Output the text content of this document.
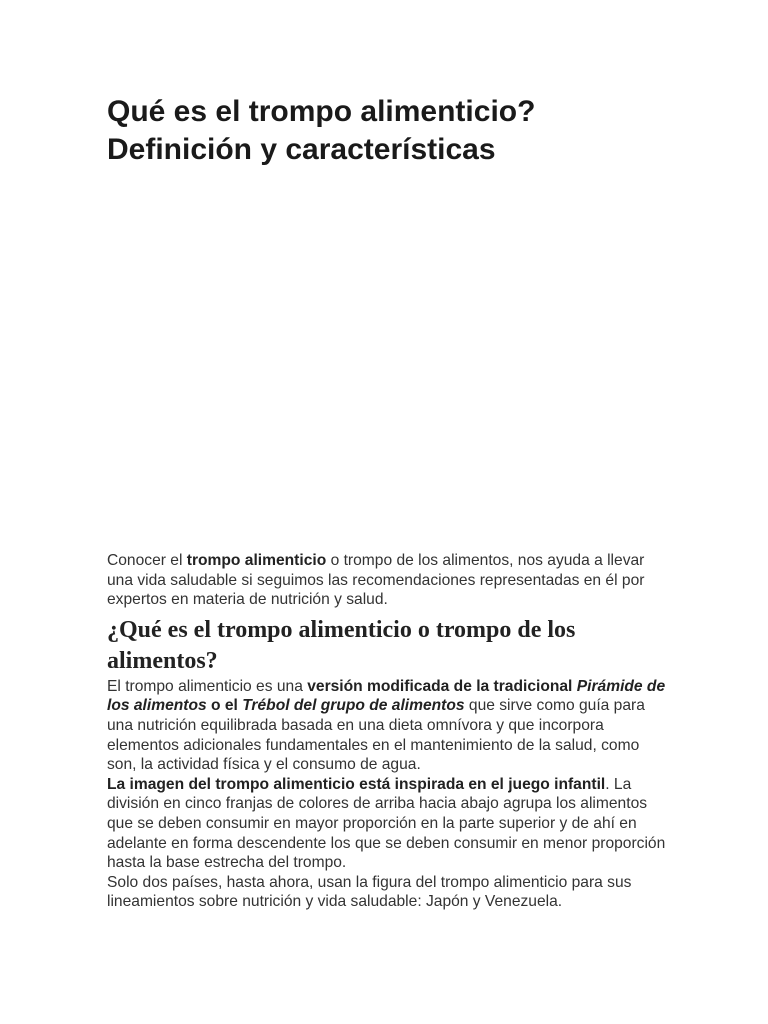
Qué es el trompo alimenticio?
Definición y características

Conocer el trompo alimenticio o trompo de los alimentos, nos ayuda a llevar una vida saludable si seguimos las recomendaciones representadas en él por expertos en materia de nutrición y salud.

¿Qué es el trompo alimenticio o trompo de los alimentos?

El trompo alimenticio es una versión modificada de la tradicional Pirámide de los alimentos o el Trébol del grupo de alimentos que sirve como guía para una nutrición equilibrada basada en una dieta omnívora y que incorpora elementos adicionales fundamentales en el mantenimiento de la salud, como son, la actividad física y el consumo de agua.

La imagen del trompo alimenticio está inspirada en el juego infantil. La división en cinco franjas de colores de arriba hacia abajo agrupa los alimentos que se deben consumir en mayor proporción en la parte superior y de ahí en adelante en forma descendente los que se deben consumir en menor proporción hasta la base estrecha del trompo.

Solo dos países, hasta ahora, usan la figura del trompo alimenticio para sus lineamientos sobre nutrición y vida saludable: Japón y Venezuela.
